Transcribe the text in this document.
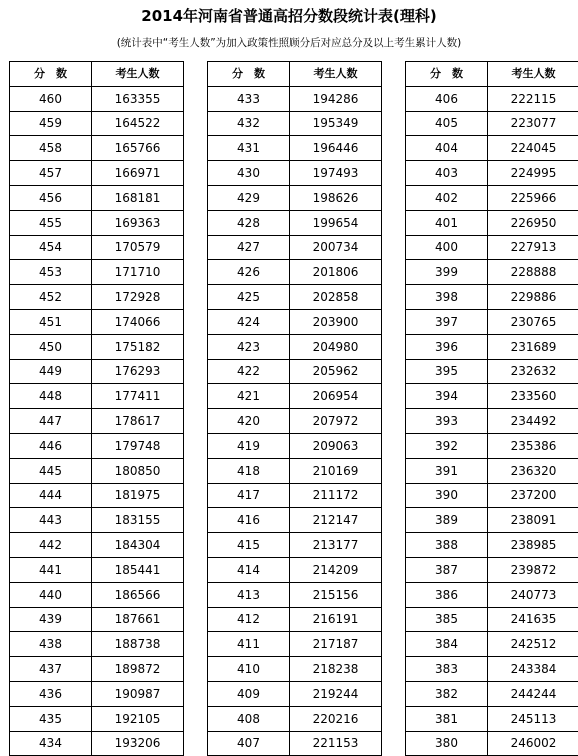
2014年河南省普通高招分数段统计表(理科)
(统计表中“考生人数”为加入政策性照顾分后对应总分及以上考生累计人数)
分　数	考生人数
460	163355
459	164522
458	165766
457	166971
456	168181
455	169363
454	170579
453	171710
452	172928
451	174066
450	175182
449	176293
448	177411
447	178617
446	179748
445	180850
444	181975
443	183155
442	184304
441	185441
440	186566
439	187661
438	188738
437	189872
436	190987
435	192105
434	193206
分　数	考生人数
433	194286
432	195349
431	196446
430	197493
429	198626
428	199654
427	200734
426	201806
425	202858
424	203900
423	204980
422	205962
421	206954
420	207972
419	209063
418	210169
417	211172
416	212147
415	213177
414	214209
413	215156
412	216191
411	217187
410	218238
409	219244
408	220216
407	221153
分　数	考生人数
406	222115
405	223077
404	224045
403	224995
402	225966
401	226950
400	227913
399	228888
398	229886
397	230765
396	231689
395	232632
394	233560
393	234492
392	235386
391	236320
390	237200
389	238091
388	238985
387	239872
386	240773
385	241635
384	242512
383	243384
382	244244
381	245113
380	246002
